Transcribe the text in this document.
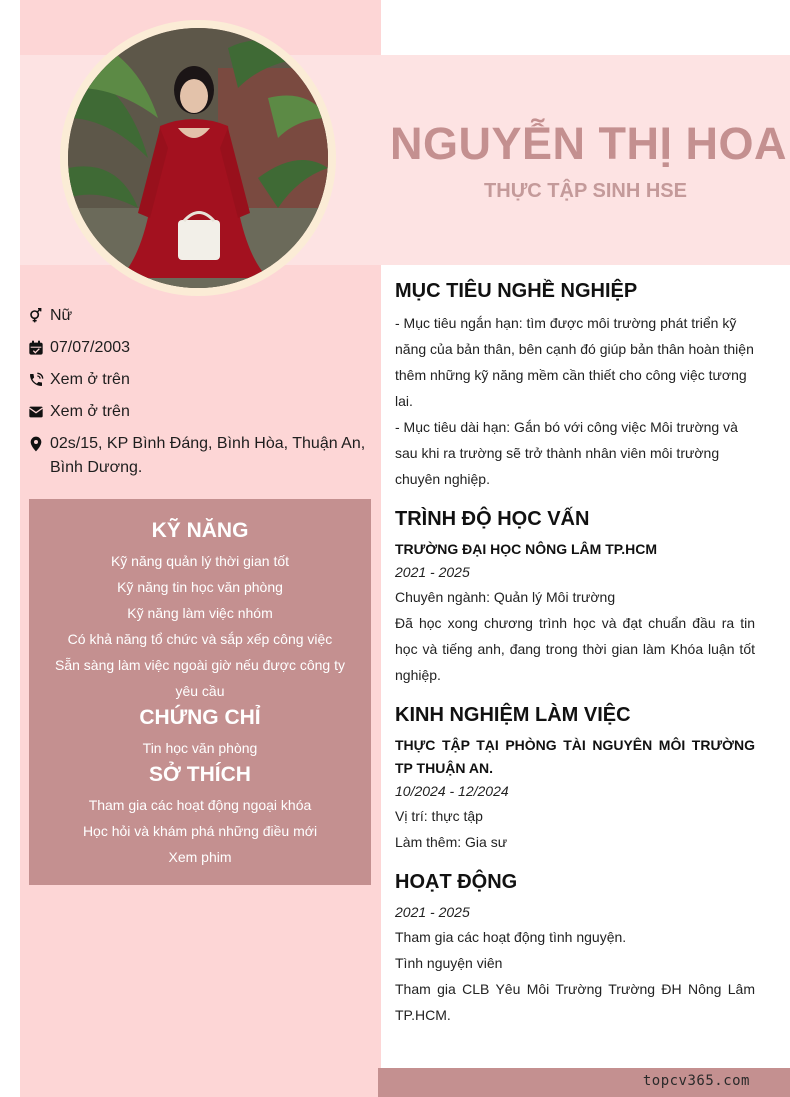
NGUYỄN THỊ HOA
THỰC TẬP SINH HSE
Nữ
07/07/2003
Xem ở trên
Xem ở trên
02s/15, KP Bình Đáng, Bình Hòa, Thuận An, Bình Dương.
KỸ NĂNG
Kỹ năng quản lý thời gian tốt
Kỹ năng tin học văn phòng
Kỹ năng làm việc nhóm
Có khả năng tổ chức và sắp xếp công việc
Sẵn sàng làm việc ngoài giờ nếu được công ty yêu cầu
CHỨNG CHỈ
Tin học văn phòng
SỞ THÍCH
Tham gia các hoạt động ngoại khóa
Học hỏi và khám phá những điều mới
Xem phim
MỤC TIÊU NGHỀ NGHIỆP
- Mục tiêu ngắn hạn: tìm được môi trường phát triển kỹ năng của bản thân, bên cạnh đó giúp bản thân hoàn thiện thêm những kỹ năng mềm cần thiết cho công việc tương lai.
- Mục tiêu dài hạn: Gắn bó với công việc Môi trường và sau khi ra trường sẽ trở thành nhân viên môi trường chuyên nghiệp.
TRÌNH ĐỘ HỌC VẤN
TRƯỜNG ĐẠI HỌC NÔNG LÂM TP.HCM
2021 - 2025
Chuyên ngành: Quản lý Môi trường
Đã học xong chương trình học và đạt chuẩn đầu ra tin học và tiếng anh, đang trong thời gian làm Khóa luận tốt nghiệp.
KINH NGHIỆM LÀM VIỆC
THỰC TẬP TẠI PHÒNG TÀI NGUYÊN MÔI TRƯỜNG TP THUẬN AN.
10/2024 - 12/2024
Vị trí: thực tập
Làm thêm: Gia sư
HOẠT ĐỘNG
2021 - 2025
Tham gia các hoạt động tình nguyện.
Tình nguyện viên
Tham gia CLB Yêu Môi Trường Trường ĐH Nông Lâm TP.HCM.
topcv365.com
